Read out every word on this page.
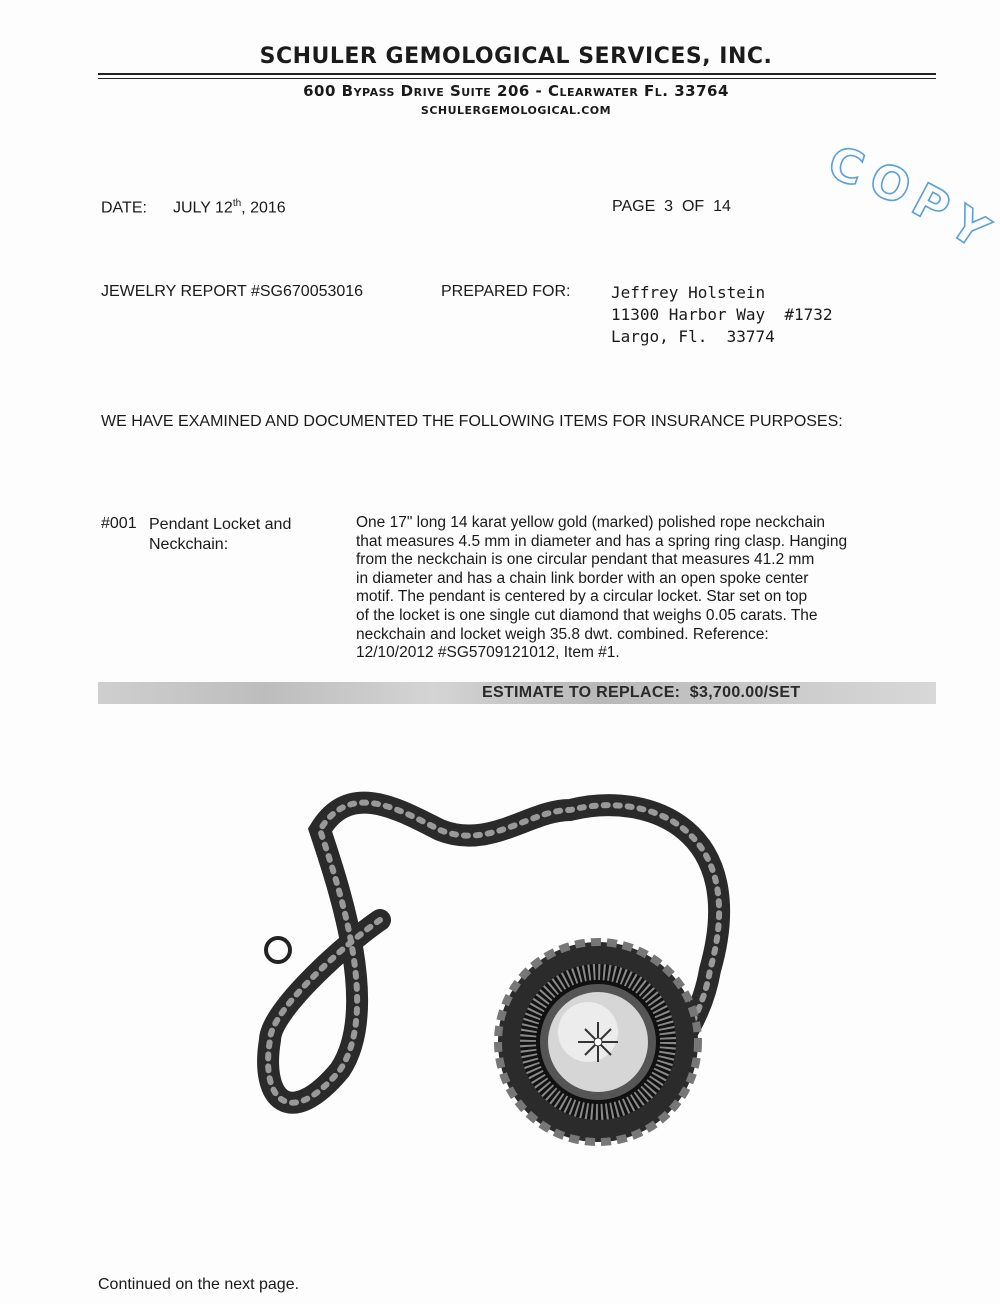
SCHULER GEMOLOGICAL SERVICES, INC.
600 Bypass Drive Suite 206 - Clearwater Fl. 33764
SCHULERGEMOLOGICAL.COM
C
O
P
Y
DATE: JULY 12th, 2016	PAGE  3  OF  14
JEWELRY REPORT #SG670053016	PREPARED FOR:	Jeffrey Holstein
11300 Harbor Way  #1732
Largo, Fl.  33774
WE HAVE EXAMINED AND DOCUMENTED THE FOLLOWING ITEMS FOR INSURANCE PURPOSES:
#001 Pendant Locket and
Neckchain:
One 17" long 14 karat yellow gold (marked) polished rope neckchain
that measures 4.5 mm in diameter and has a spring ring clasp. Hanging
from the neckchain is one circular pendant that measures 41.2 mm
in diameter and has a chain link border with an open spoke center
motif. The pendant is centered by a circular locket. Star set on top
of the locket is one single cut diamond that weighs 0.05 carats. The
neckchain and locket weigh 35.8 dwt. combined. Reference:
12/10/2012 #SG5709121012, Item #1.
ESTIMATE TO REPLACE:  $3,700.00/SET
Continued on the next page.
